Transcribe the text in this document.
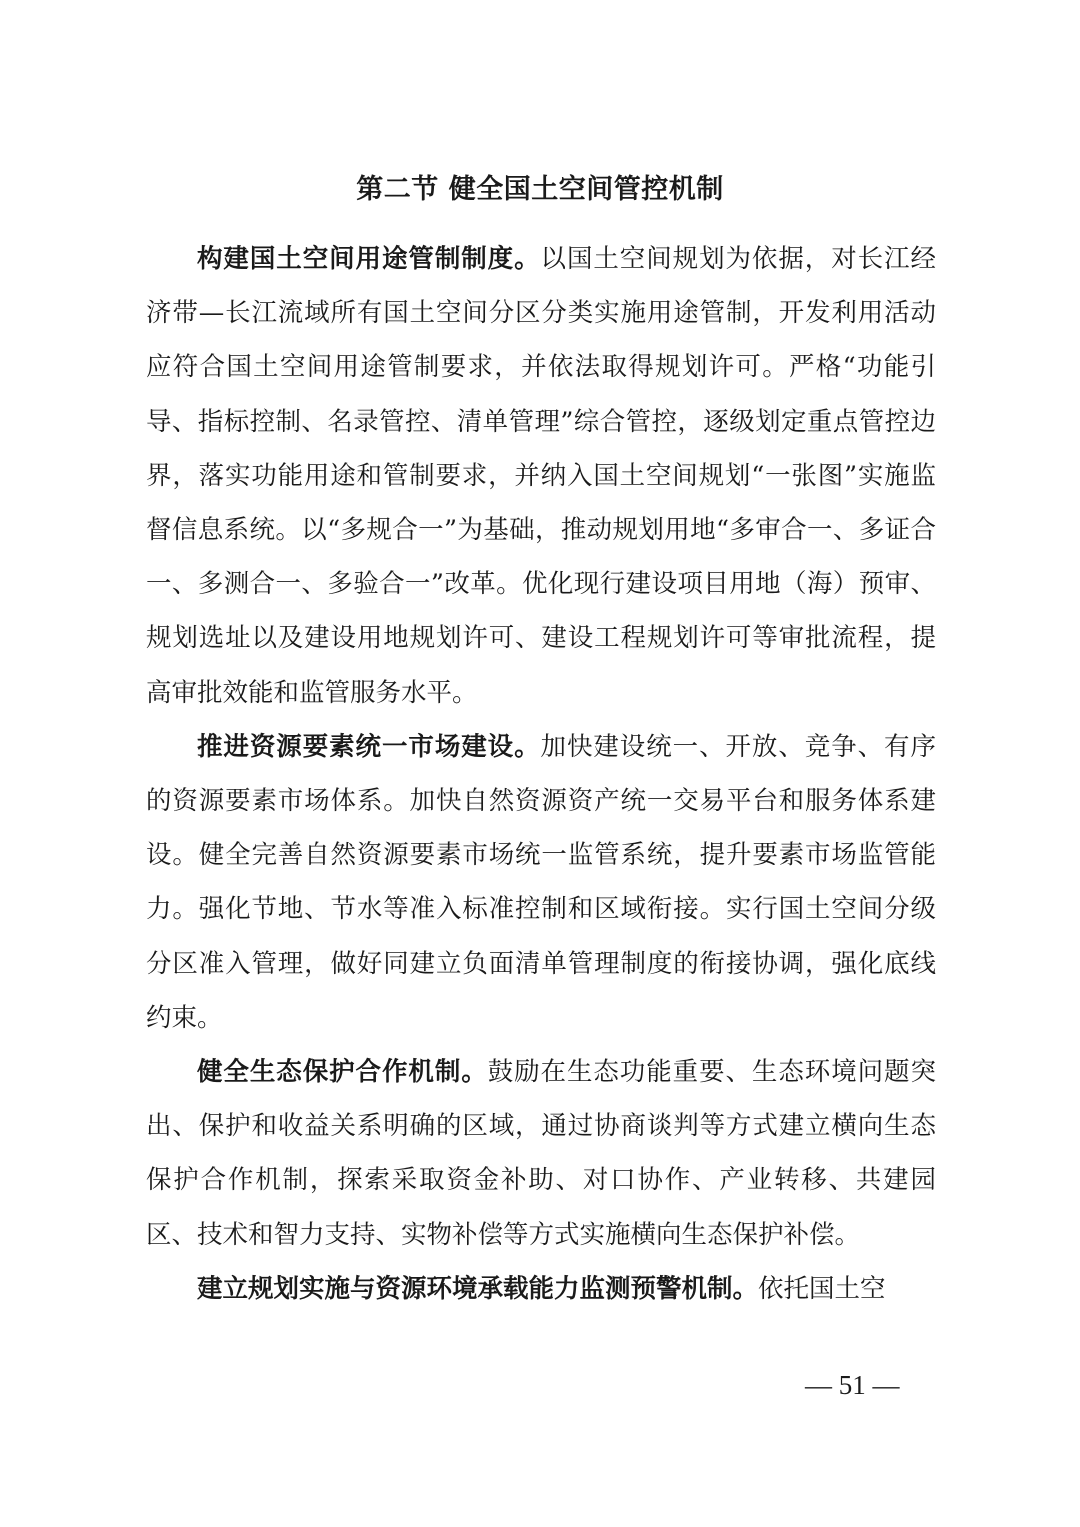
第二节 健全国土空间管控机制

构建国土空间用途管制制度。以国土空间规划为依据，对长江经济带—长江流域所有国土空间分区分类实施用途管制，开发利用活动应符合国土空间用途管制要求，并依法取得规划许可。严格“功能引导、指标控制、名录管控、清单管理”综合管控，逐级划定重点管控边界，落实功能用途和管制要求，并纳入国土空间规划“一张图”实施监督信息系统。以“多规合一”为基础，推动规划用地“多审合一、多证合一、多测合一、多验合一”改革。优化现行建设项目用地（海）预审、规划选址以及建设用地规划许可、建设工程规划许可等审批流程，提高审批效能和监管服务水平。

推进资源要素统一市场建设。加快建设统一、开放、竞争、有序的资源要素市场体系。加快自然资源资产统一交易平台和服务体系建设。健全完善自然资源要素市场统一监管系统，提升要素市场监管能力。强化节地、节水等准入标准控制和区域衔接。实行国土空间分级分区准入管理，做好同建立负面清单管理制度的衔接协调，强化底线约束。

健全生态保护合作机制。鼓励在生态功能重要、生态环境问题突出、保护和收益关系明确的区域，通过协商谈判等方式建立横向生态保护合作机制，探索采取资金补助、对口协作、产业转移、共建园区、技术和智力支持、实物补偿等方式实施横向生态保护补偿。

建立规划实施与资源环境承载能力监测预警机制。依托国土空

— 51 —
